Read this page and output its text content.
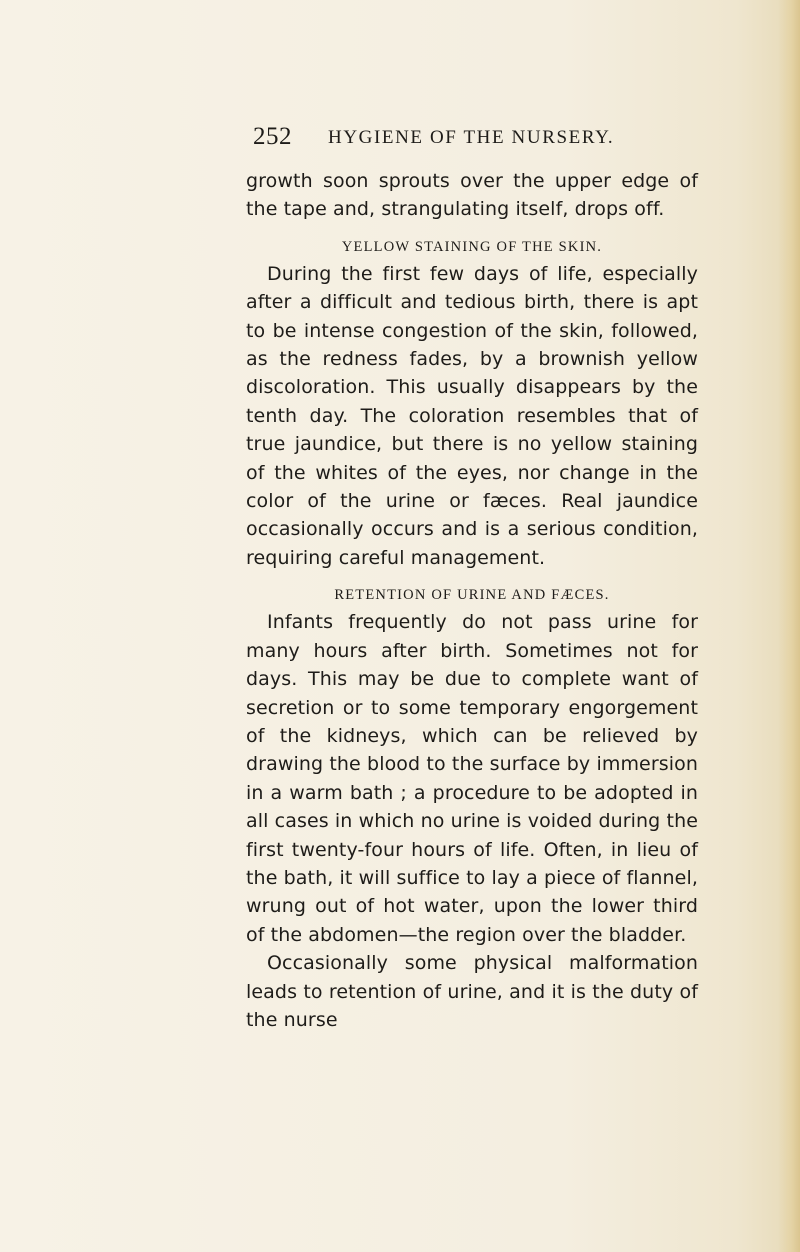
252 HYGIENE OF THE NURSERY.

growth soon sprouts over the upper edge of the tape and, strangulating itself, drops off.

YELLOW STAINING OF THE SKIN.

During the first few days of life, especially after a difficult and tedious birth, there is apt to be intense congestion of the skin, followed, as the redness fades, by a brownish yellow discoloration. This usually disappears by the tenth day. The coloration resembles that of true jaundice, but there is no yellow staining of the whites of the eyes, nor change in the color of the urine or fæces. Real jaundice occasionally occurs and is a serious condition, requiring careful management.

RETENTION OF URINE AND FÆCES.

Infants frequently do not pass urine for many hours after birth. Sometimes not for days. This may be due to complete want of secretion or to some temporary engorgement of the kidneys, which can be relieved by drawing the blood to the surface by immersion in a warm bath ; a procedure to be adopted in all cases in which no urine is voided during the first twenty-four hours of life. Often, in lieu of the bath, it will suffice to lay a piece of flannel, wrung out of hot water, upon the lower third of the abdomen—the region over the bladder.

Occasionally some physical malformation leads to retention of urine, and it is the duty of the nurse
